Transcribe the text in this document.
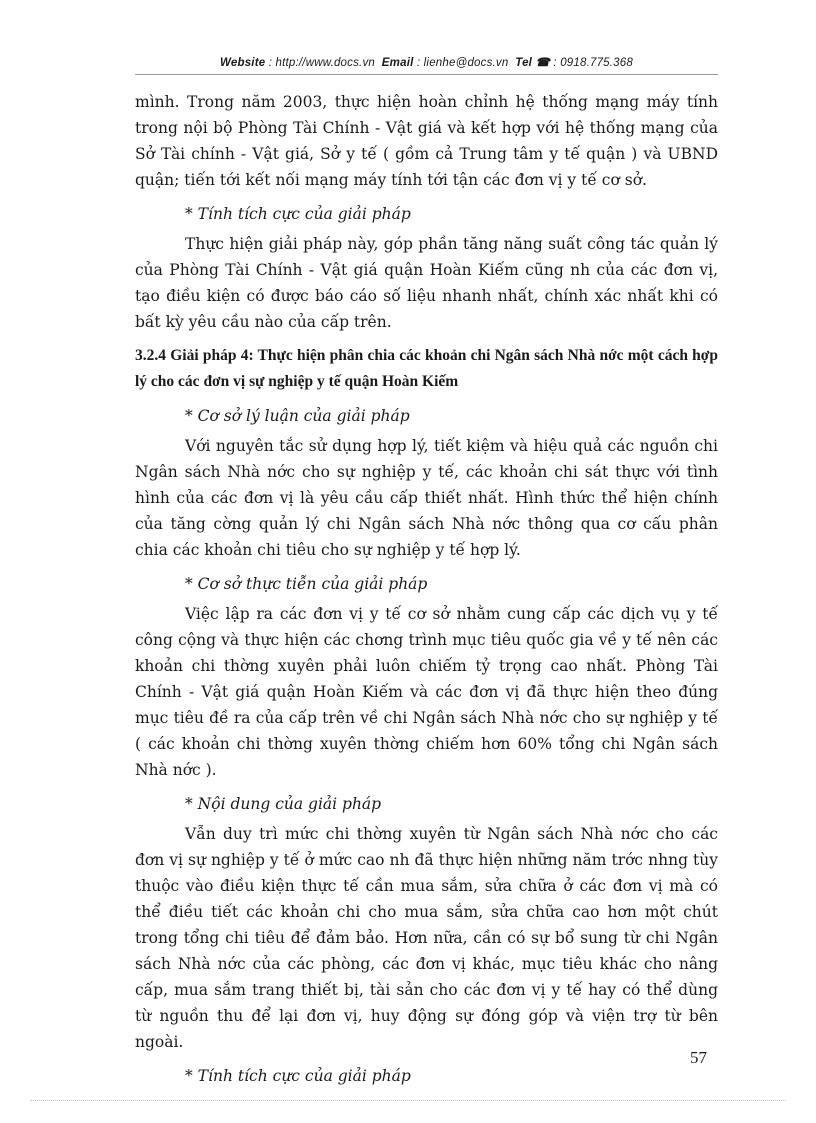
Website : http://www.docs.vn Email : lienhe@docs.vn Tel ☎ : 0918.775.368

mình. Trong năm 2003, thực hiện hoàn chỉnh hệ thống mạng máy tính trong nội bộ Phòng Tài Chính - Vật giá và kết hợp với hệ thống mạng của Sở Tài chính - Vật giá, Sở y tế ( gồm cả Trung tâm y tế quận ) và UBND quận; tiến tới kết nối mạng máy tính tới tận các đơn vị y tế cơ sở.

* Tính tích cực của giải pháp

Thực hiện giải pháp này, góp phần tăng năng suất công tác quản lý của Phòng Tài Chính - Vật giá quận Hoàn Kiếm cũng nh của các đơn vị, tạo điều kiện có được báo cáo số liệu nhanh nhất, chính xác nhất khi có bất kỳ yêu cầu nào của cấp trên.

3.2.4 Giải pháp 4: Thực hiện phân chia các khoản chi Ngân sách Nhà nớc một cách hợp lý cho các đơn vị sự nghiệp y tế quận Hoàn Kiếm

* Cơ sở lý luận của giải pháp

Với nguyên tắc sử dụng hợp lý, tiết kiệm và hiệu quả các nguồn chi Ngân sách Nhà nớc cho sự nghiệp y tế, các khoản chi sát thực với tình hình của các đơn vị là yêu cầu cấp thiết nhất. Hình thức thể hiện chính của tăng cờng quản lý chi Ngân sách Nhà nớc thông qua cơ cấu phân chia các khoản chi tiêu cho sự nghiệp y tế hợp lý.

* Cơ sở thực tiễn của giải pháp

Việc lập ra các đơn vị y tế cơ sở nhằm cung cấp các dịch vụ y tế công cộng và thực hiện các chơng trình mục tiêu quốc gia về y tế nên các khoản chi thờng xuyên phải luôn chiếm tỷ trọng cao nhất. Phòng Tài Chính - Vật giá quận Hoàn Kiếm và các đơn vị đã thực hiện theo đúng mục tiêu đề ra của cấp trên về chi Ngân sách Nhà nớc cho sự nghiệp y tế ( các khoản chi thờng xuyên thờng chiếm hơn 60% tổng chi Ngân sách Nhà nớc ).

* Nội dung của giải pháp

Vẫn duy trì mức chi thờng xuyên từ Ngân sách Nhà nớc cho các đơn vị sự nghiệp y tế ở mức cao nh đã thực hiện những năm trớc nhng tùy thuộc vào điều kiện thực tế cần mua sắm, sửa chữa ở các đơn vị mà có thể điều tiết các khoản chi cho mua sắm, sửa chữa cao hơn một chút trong tổng chi tiêu để đảm bảo. Hơn nữa, cần có sự bổ sung từ chi Ngân sách Nhà nớc của các phòng, các đơn vị khác, mục tiêu khác cho nâng cấp, mua sắm trang thiết bị, tài sản cho các đơn vị y tế hay có thể dùng từ nguồn thu để lại đơn vị, huy động sự đóng góp và viện trợ từ bên ngoài.

* Tính tích cực của giải pháp

57
